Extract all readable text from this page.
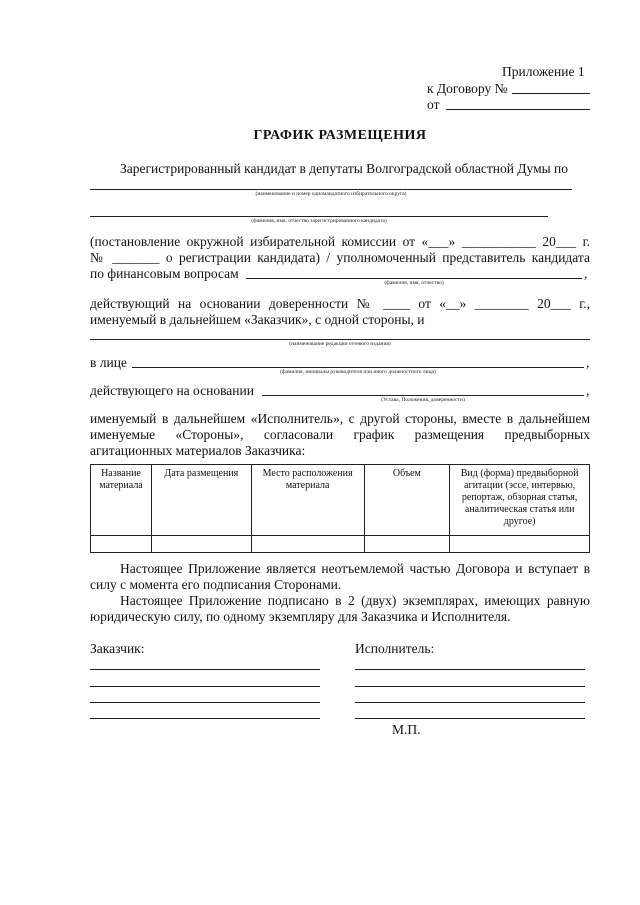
Приложение 1
к Договору №
от
ГРАФИК РАЗМЕЩЕНИЯ
Зарегистрированный кандидат в депутаты Волгоградской областной Думы по
(наименование и номер одномандатного избирательного округа)
(фамилия, имя, отчество зарегистрированного кандидата)
(постановление окружной избирательной комиссии от «___» ___________ 20___ г.
№ _______ о регистрации кандидата) / уполномоченный представитель кандидата
по финансовым вопросам	,
(фамилия, имя, отчество)
действующий на основании доверенности № ____ от «__» ________ 20___ г.,
именуемый в дальнейшем «Заказчик», с одной стороны, и
(наименование редакции сетевого издания)
в лице	,
(фамилия, инициалы руководителя или иного должностного лица)
действующего на основании	,
(Устава, Положения, доверенности)
именуемый в дальнейшем «Исполнитель», с другой стороны, вместе в дальнейшем
именуемые «Стороны», согласовали график размещения предвыборных
агитационных материалов Заказчика:
Название материала	Дата размещения	Место расположения материала	Объем	Вид (форма) предвыборной агитации (эссе, интервью, репортаж, обзорная статья, аналитическая статья или другое)

Настоящее Приложение является неотъемлемой частью Договора и вступает в
силу с момента его подписания Сторонами.
Настоящее Приложение подписано в 2 (двух) экземплярах, имеющих равную
юридическую силу, по одному экземпляру для Заказчика и Исполнителя.
Заказчик:	Исполнитель:
М.П.
